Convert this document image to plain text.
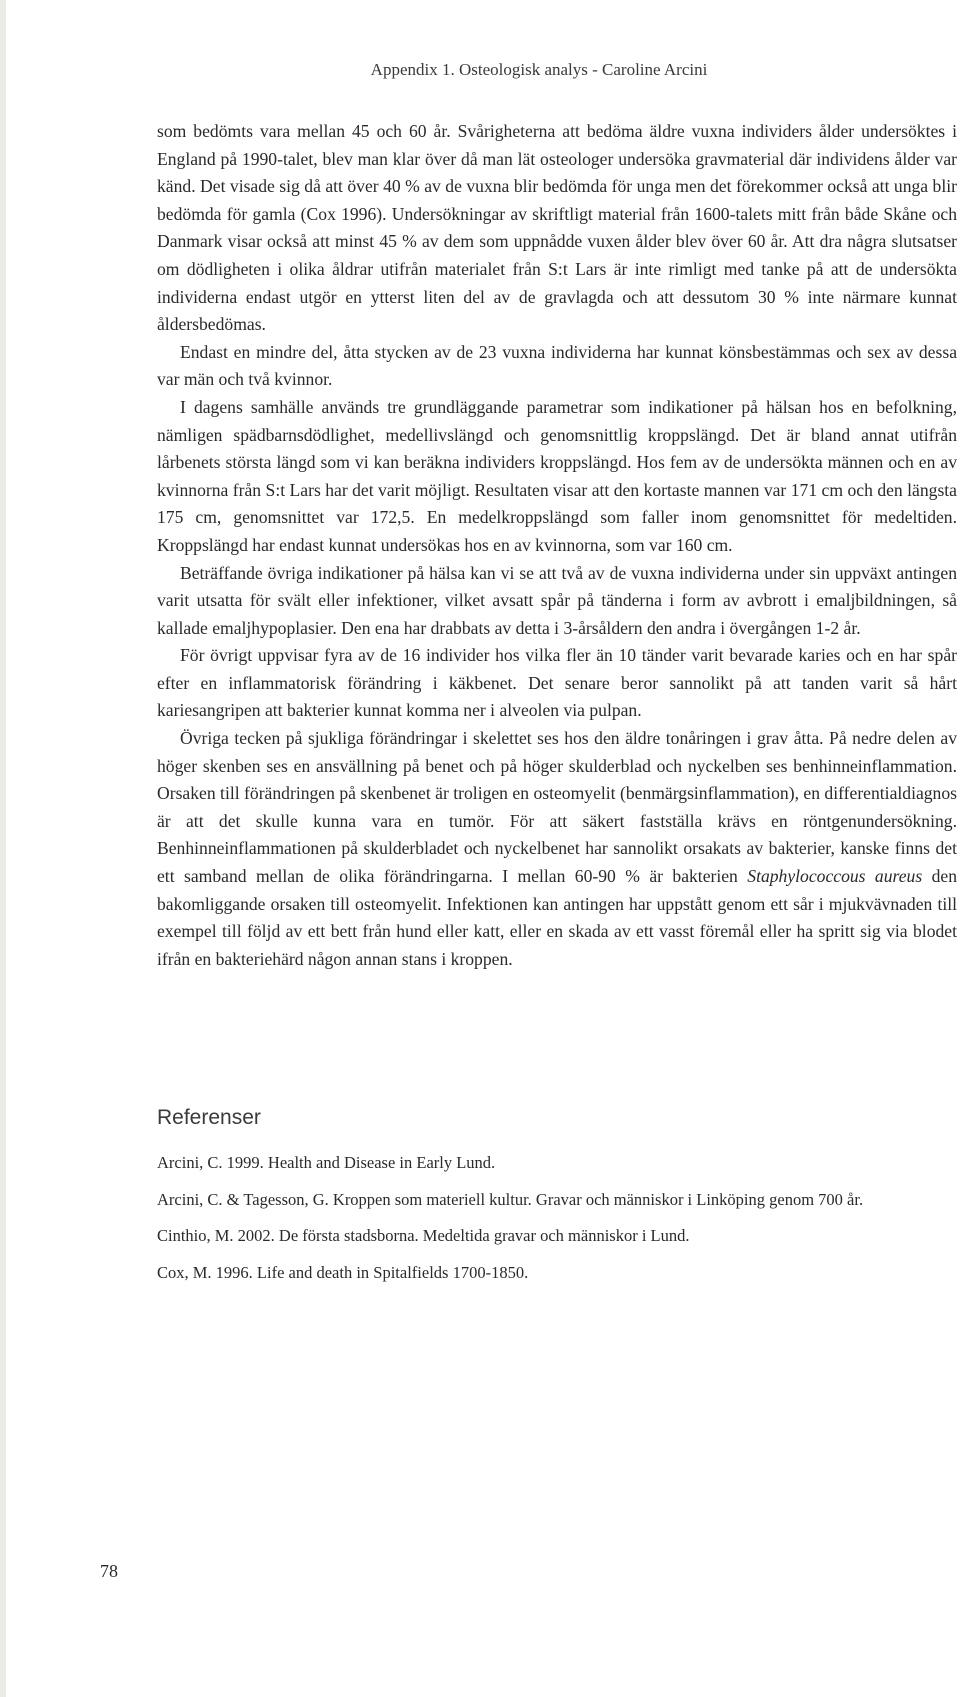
Appendix 1. Osteologisk analys - Caroline Arcini

som bedömts vara mellan 45 och 60 år. Svårigheterna att bedöma äldre vuxna individers ålder undersöktes i England på 1990-talet, blev man klar över då man lät osteologer undersöka gravmaterial där individens ålder var känd. Det visade sig då att över 40 % av de vuxna blir bedömda för unga men det förekommer också att unga blir bedömda för gamla (Cox 1996). Undersökningar av skriftligt material från 1600-talets mitt från både Skåne och Danmark visar också att minst 45 % av dem som uppnådde vuxen ålder blev över 60 år. Att dra några slutsatser om dödligheten i olika åldrar utifrån materialet från S:t Lars är inte rimligt med tanke på att de undersökta individerna endast utgör en ytterst liten del av de gravlagda och att dessutom 30 % inte närmare kunnat åldersbedömas.

Endast en mindre del, åtta stycken av de 23 vuxna individerna har kunnat könsbestämmas och sex av dessa var män och två kvinnor.

I dagens samhälle används tre grundläggande parametrar som indikationer på hälsan hos en befolkning, nämligen spädbarnsdödlighet, medellivslängd och genomsnittlig kroppslängd. Det är bland annat utifrån lårbenets största längd som vi kan beräkna individers kroppslängd. Hos fem av de undersökta männen och en av kvinnorna från S:t Lars har det varit möjligt. Resultaten visar att den kortaste mannen var 171 cm och den längsta 175 cm, genomsnittet var 172,5. En medelkroppslängd som faller inom genomsnittet för medeltiden. Kroppslängd har endast kunnat undersökas hos en av kvinnorna, som var 160 cm.

Beträffande övriga indikationer på hälsa kan vi se att två av de vuxna individerna under sin uppväxt antingen varit utsatta för svält eller infektioner, vilket avsatt spår på tänderna i form av avbrott i emaljbildningen, så kallade emaljhypoplasier. Den ena har drabbats av detta i 3-årsåldern den andra i övergången 1-2 år.

För övrigt uppvisar fyra av de 16 individer hos vilka fler än 10 tänder varit bevarade karies och en har spår efter en inflammatorisk förändring i käkbenet. Det senare beror sannolikt på att tanden varit så hårt kariesangripen att bakterier kunnat komma ner i alveolen via pulpan.

Övriga tecken på sjukliga förändringar i skelettet ses hos den äldre tonåringen i grav åtta. På nedre delen av höger skenben ses en ansvällning på benet och på höger skulderblad och nyckelben ses benhinneinflammation. Orsaken till förändringen på skenbenet är troligen en osteomyelit (benmärgsinflammation), en differentialdiagnos är att det skulle kunna vara en tumör. För att säkert fastställa krävs en röntgenundersökning. Benhinneinflammationen på skulderbladet och nyckelbenet har sannolikt orsakats av bakterier, kanske finns det ett samband mellan de olika förändringarna. I mellan 60-90 % är bakterien Staphylococcous aureus den bakomliggande orsaken till osteomyelit. Infektionen kan antingen har uppstått genom ett sår i mjukvävnaden till exempel till följd av ett bett från hund eller katt, eller en skada av ett vasst föremål eller ha spritt sig via blodet ifrån en bakteriehärd någon annan stans i kroppen.

Referenser

Arcini, C. 1999. Health and Disease in Early Lund.

Arcini, C. & Tagesson, G. Kroppen som materiell kultur. Gravar och människor i Linköping genom 700 år.

Cinthio, M. 2002. De första stadsborna. Medeltida gravar och människor i Lund.

Cox, M. 1996. Life and death in Spitalfields 1700-1850.

78
